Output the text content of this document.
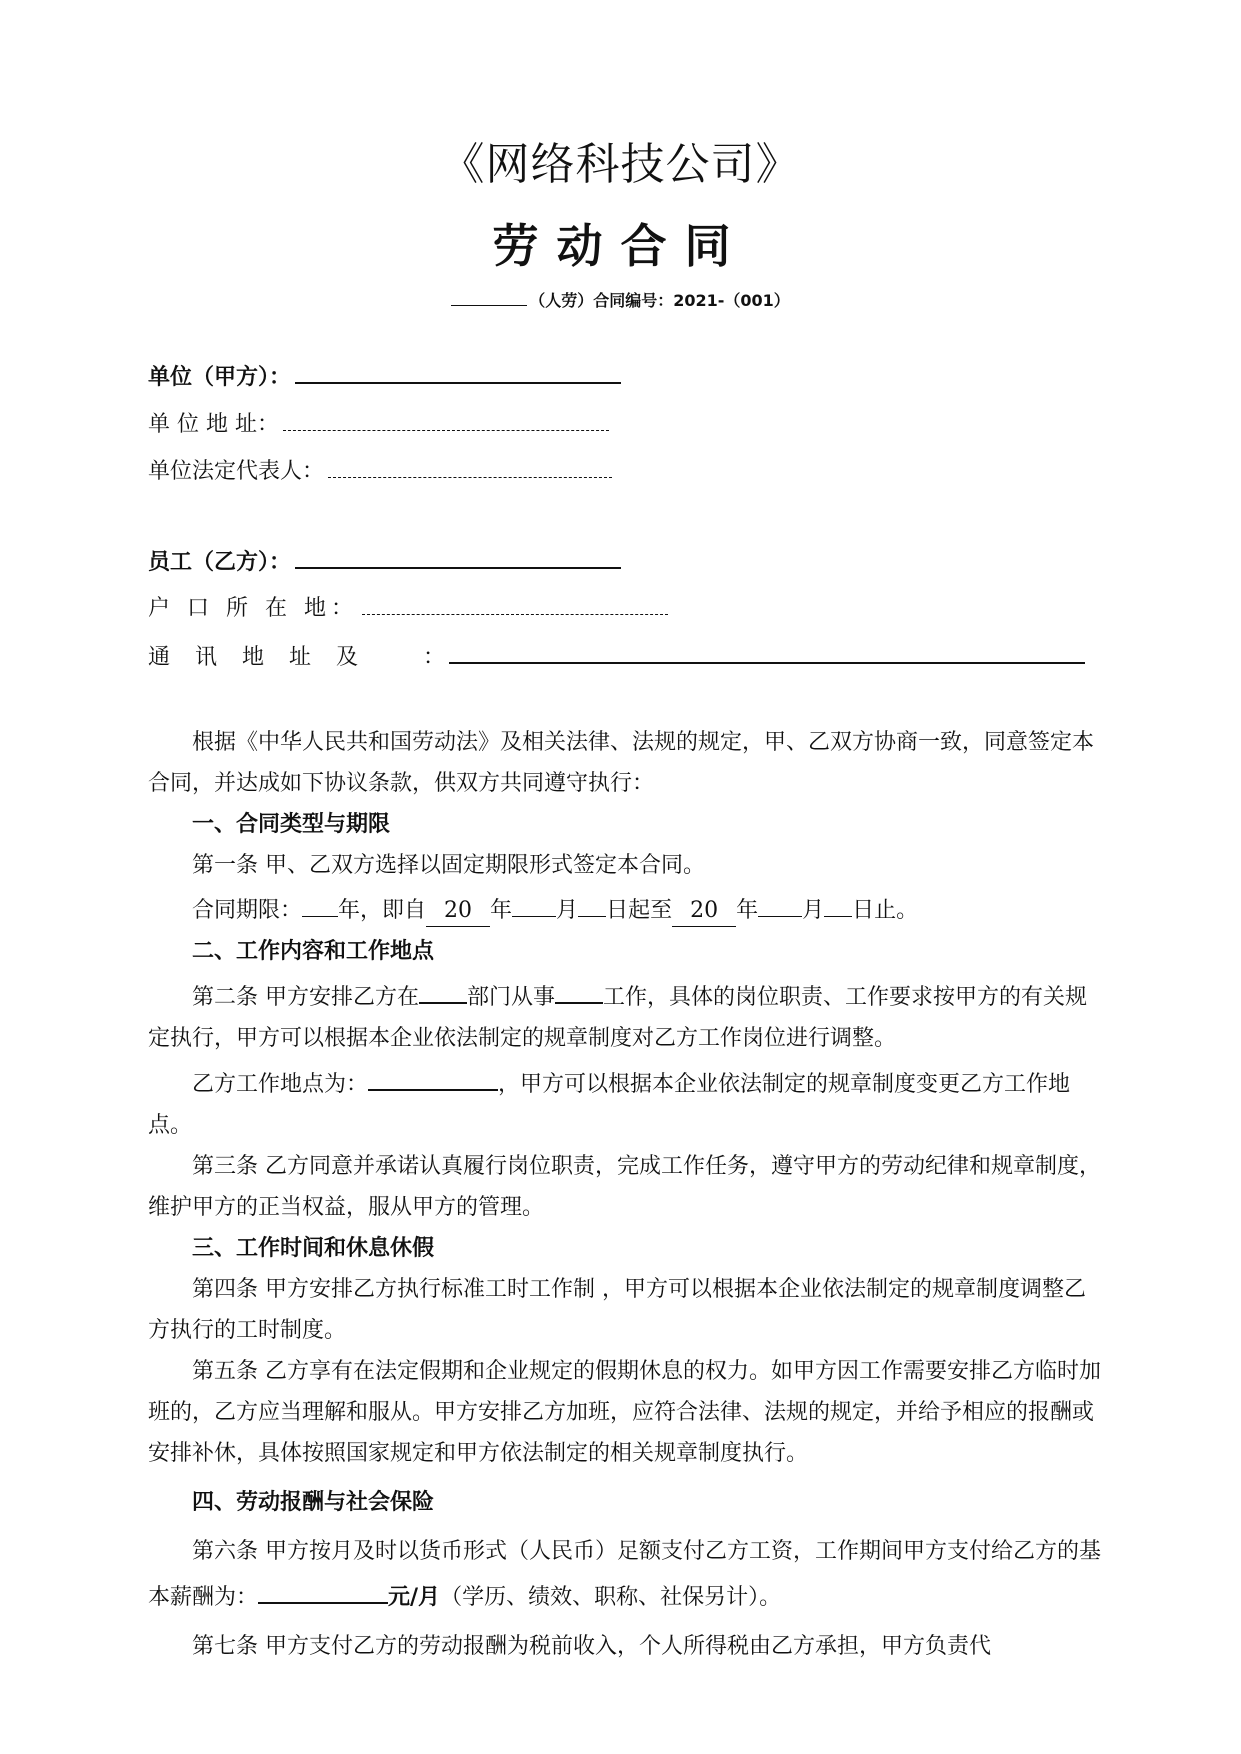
《网络科技公司》
劳动合同
（人劳）合同编号：2021-（001）
单位（甲方）：
单 位 地 址：
单位法定代表人：
员工（乙方）：
户 口 所 在 地：
通 讯 地 址 及	：

根据《中华人民共和国劳动法》及相关法律、法规的规定，甲、乙双方协商一致，同意签定本合同，并达成如下协议条款，供双方共同遵守执行：

一、合同类型与期限

第一条 甲、乙双方选择以固定期限形式签定本合同。

合同期限： 年，即自 20 年 月 日起至 20 年 月 日止。

二、工作内容和工作地点

第二条 甲方安排乙方在 部门从事 工作，具体的岗位职责、工作要求按甲方的有关规定执行，甲方可以根据本企业依法制定的规章制度对乙方工作岗位进行调整。

乙方工作地点为：	，甲方可以根据本企业依法制定的规章制度变更乙方工作地点。

第三条 乙方同意并承诺认真履行岗位职责，完成工作任务，遵守甲方的劳动纪律和规章制度，维护甲方的正当权益，服从甲方的管理。

三、工作时间和休息休假

第四条 甲方安排乙方执行标准工时工作制 ，甲方可以根据本企业依法制定的规章制度调整乙方执行的工时制度。

第五条 乙方享有在法定假期和企业规定的假期休息的权力。如甲方因工作需要安排乙方临时加班的，乙方应当理解和服从。甲方安排乙方加班，应符合法律、法规的规定，并给予相应的报酬或安排补休，具体按照国家规定和甲方依法制定的相关规章制度执行。

四、劳动报酬与社会保险

第六条 甲方按月及时以货币形式（人民币）足额支付乙方工资，工作期间甲方支付给乙方的基本薪酬为：	元/月（学历、绩效、职称、社保另计）。

第七条 甲方支付乙方的劳动报酬为税前收入，个人所得税由乙方承担，甲方负责代
